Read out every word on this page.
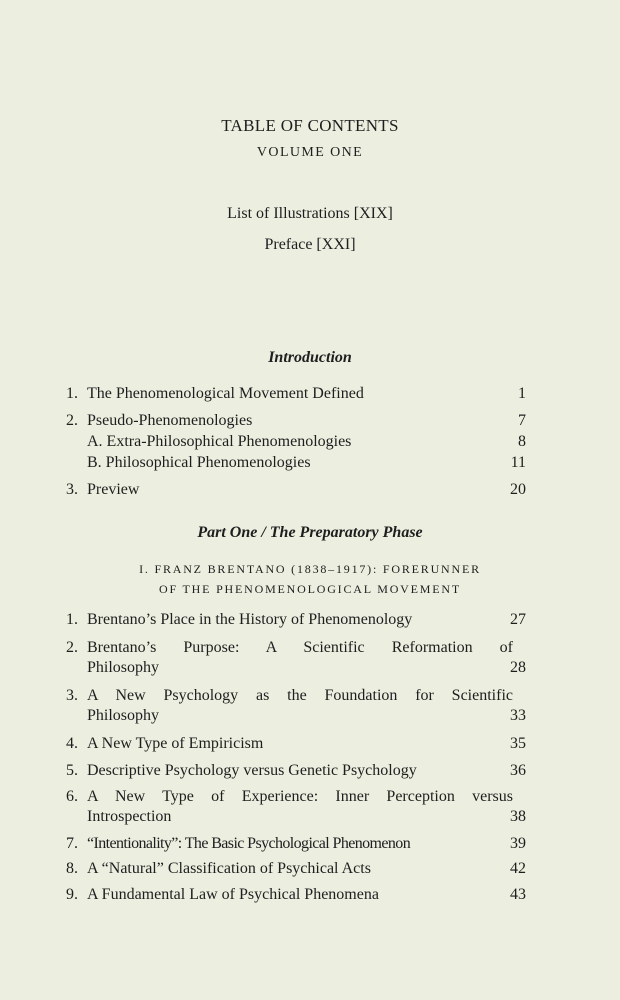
TABLE OF CONTENTS
VOLUME ONE
List of Illustrations [XIX]
Preface [XXI]
Introduction
1. The Phenomenological Movement Defined	1
2. Pseudo-Phenomenologies	7
A. Extra-Philosophical Phenomenologies	8
B. Philosophical Phenomenologies	11
3. Preview	20
Part One / The Preparatory Phase
I. FRANZ BRENTANO (1838–1917): FORERUNNER
OF THE PHENOMENOLOGICAL MOVEMENT
1. Brentano’s Place in the History of Phenomenology	27
2. Brentano’s Purpose: A Scientific Reformation of
Philosophy	28
3. A New Psychology as the Foundation for Scientific
Philosophy	33
4. A New Type of Empiricism	35
5. Descriptive Psychology versus Genetic Psychology	36
6. A New Type of Experience: Inner Perception versus
Introspection	38
7. “Intentionality”: The Basic Psychological Phenomenon	39
8. A “Natural” Classification of Psychical Acts	42
9. A Fundamental Law of Psychical Phenomena	43
